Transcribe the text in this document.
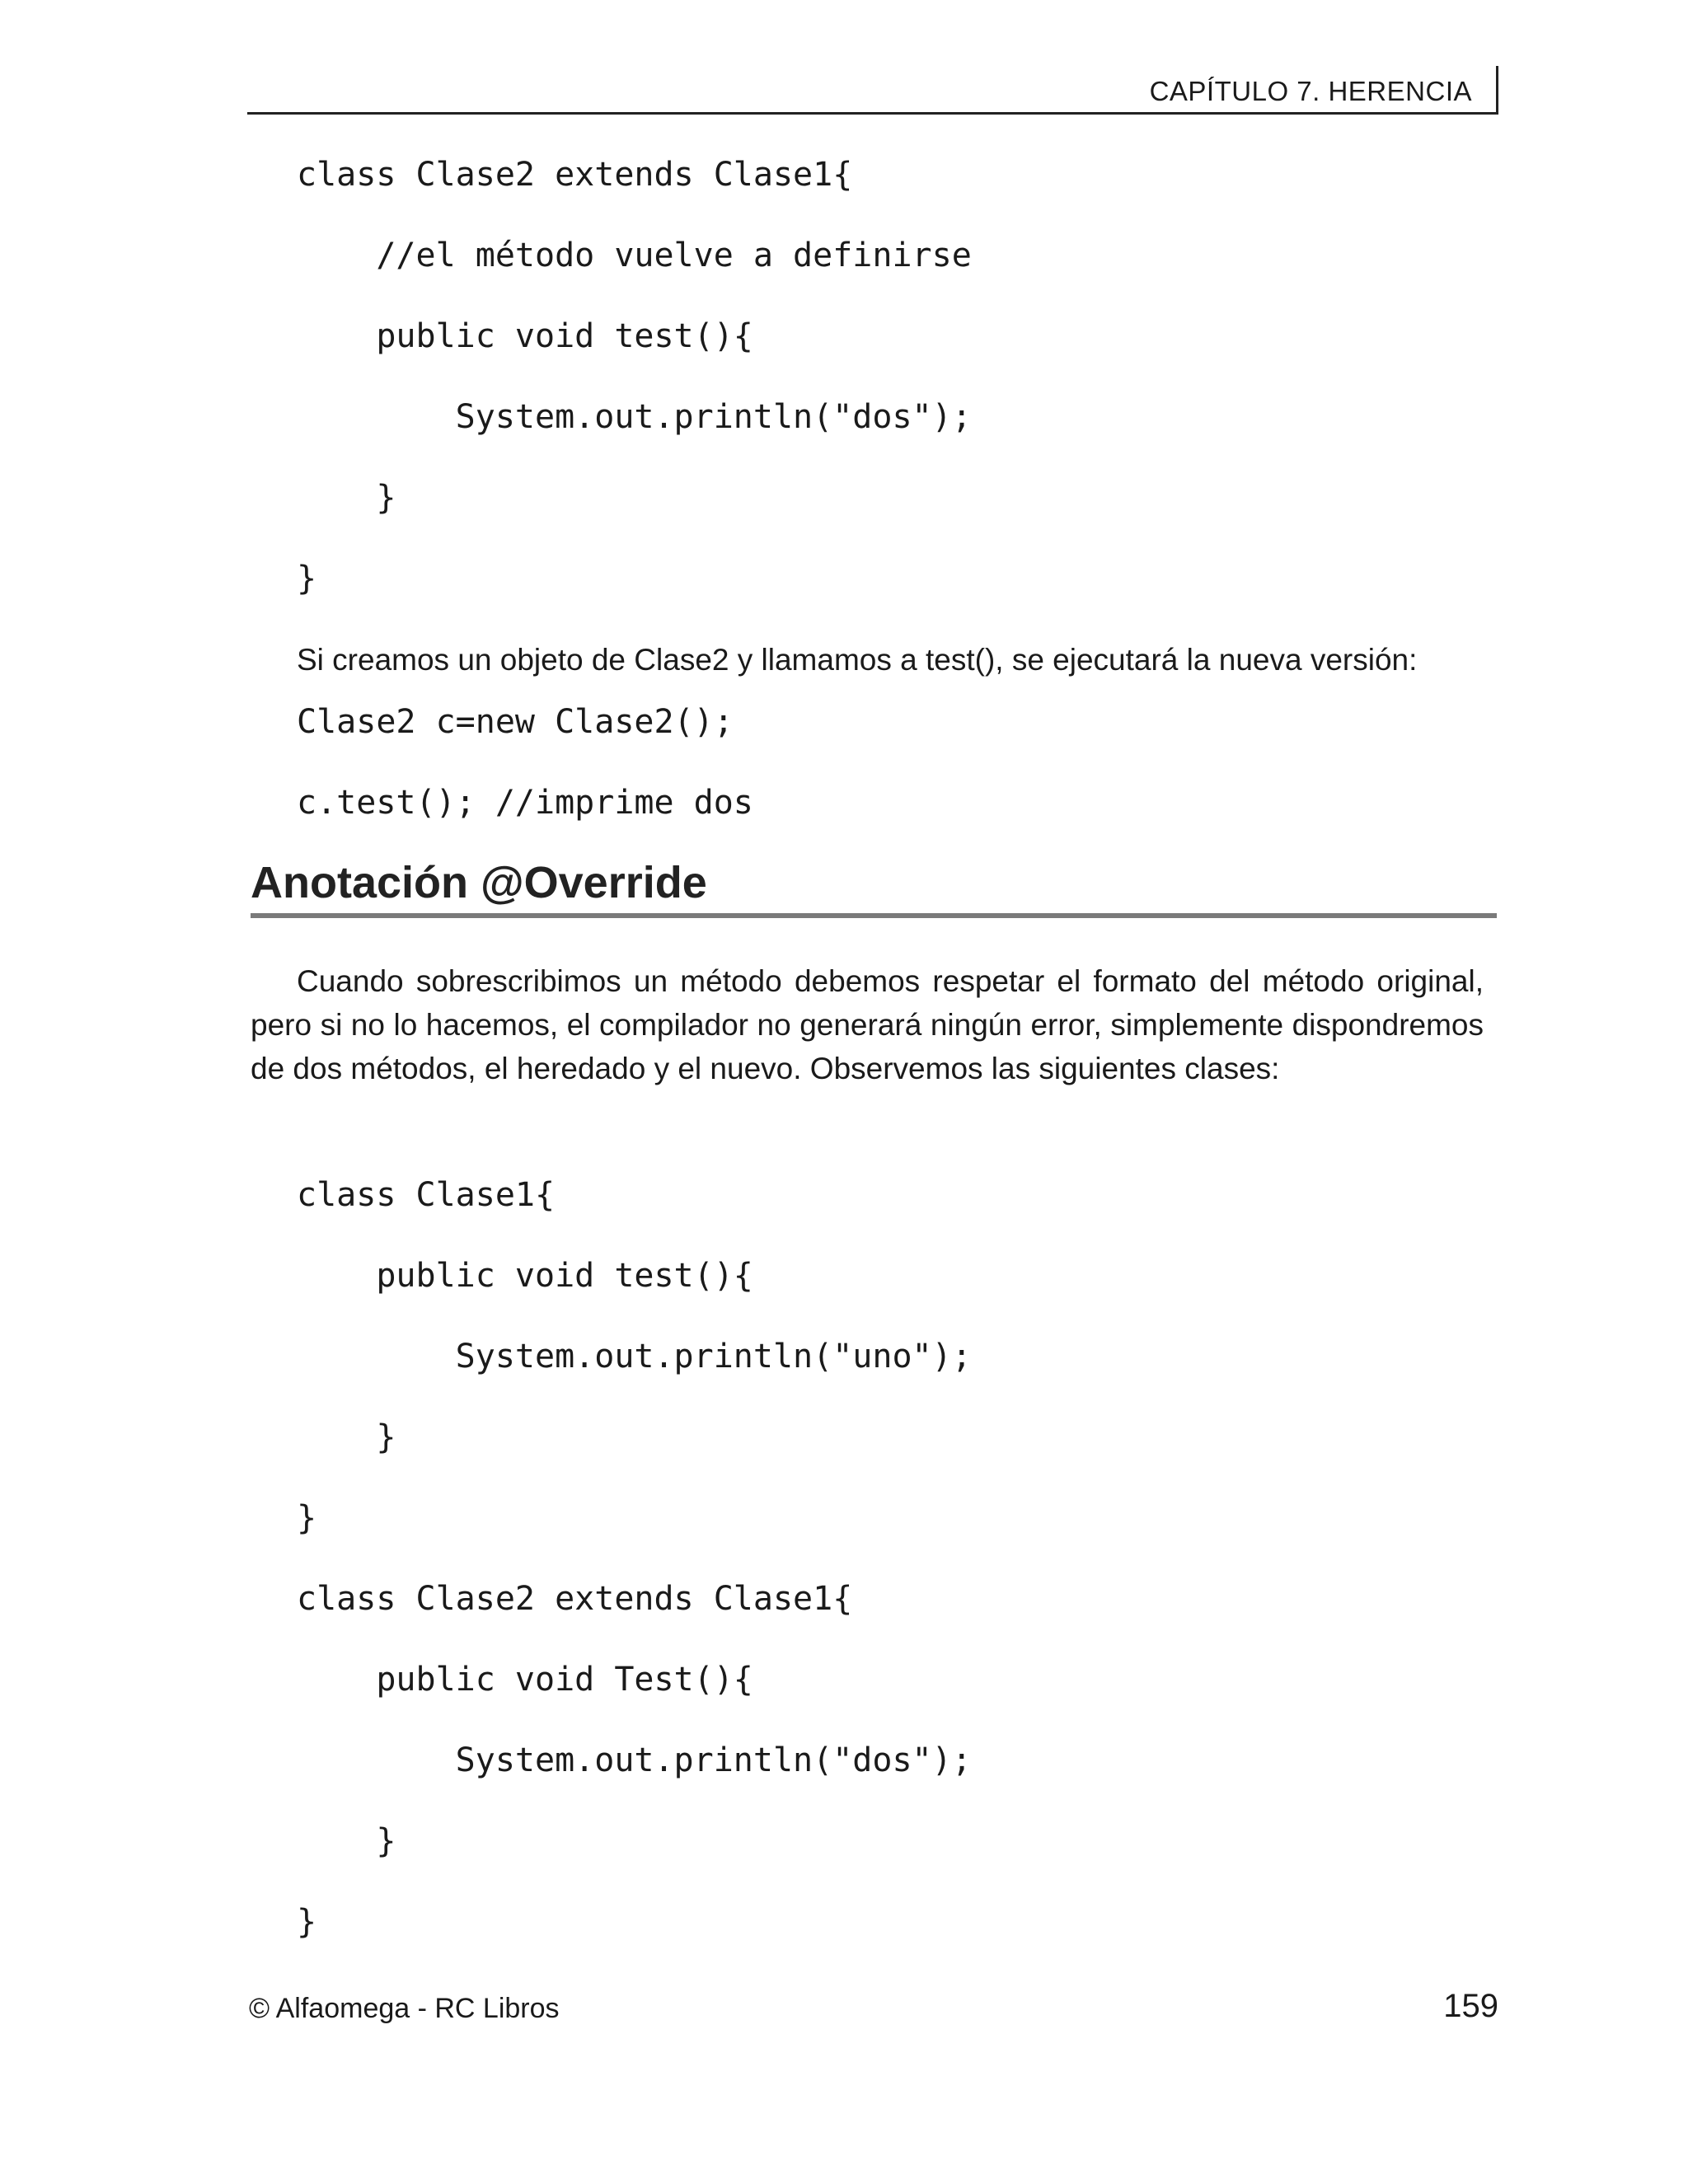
CAPÍTULO 7. HERENCIA
class Clase2 extends Clase1{
//el método vuelve a definirse
public void test(){
System.out.println("dos");
}
}
Si creamos un objeto de Clase2 y llamamos a test(), se ejecutará la nueva versión:
Clase2 c=new Clase2();
c.test(); //imprime dos
Anotación @Override
Cuando sobrescribimos un método debemos respetar el formato del método original, pero si no lo hacemos, el compilador no generará ningún error, simplemente dispondremos de dos métodos, el heredado y el nuevo. Observemos las siguientes clases:
class Clase1{
public void test(){
System.out.println("uno");
}
}
class Clase2 extends Clase1{
public void Test(){
System.out.println("dos");
}
}
© Alfaomega - RC Libros	159
